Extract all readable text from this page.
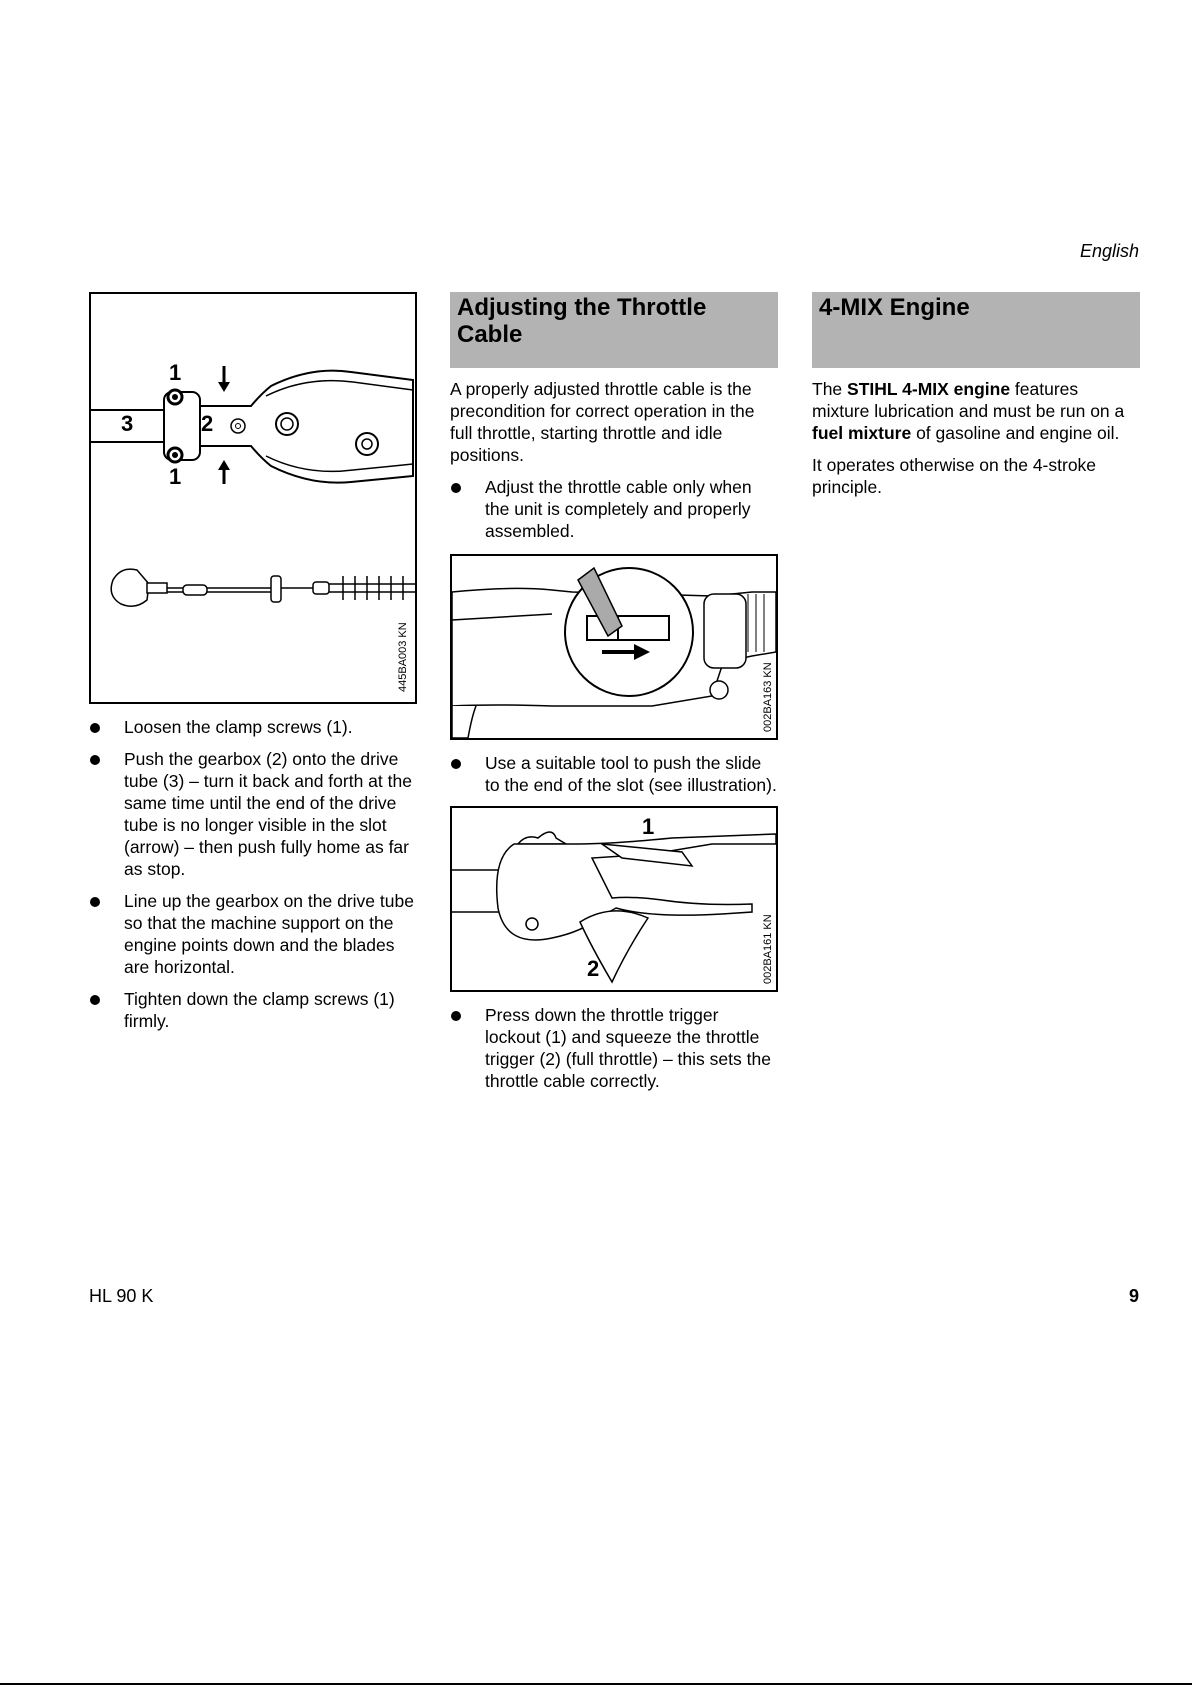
English
1
1
2
3
445BA003 KN
Loosen the clamp screws (1).
Push the gearbox (2) onto the drive tube (3) – turn it back and forth at the same time until the end of the drive tube is no longer visible in the slot (arrow) – then push fully home as far as stop.
Line up the gearbox on the drive tube so that the machine support on the engine points down and the blades are horizontal.
Tighten down the clamp screws (1) firmly.
Adjusting the Throttle Cable

A properly adjusted throttle cable is the precondition for correct operation in the full throttle, starting throttle and idle positions.

Adjust the throttle cable only when the unit is completely and properly assembled.
002BA163 KN
Use a suitable tool to push the slide to the end of the slot (see illustration).
1
2	002BA161 KN
Press down the throttle trigger lockout (1) and squeeze the throttle trigger (2) (full throttle) – this sets the throttle cable correctly.
4-MIX Engine

The STIHL 4-MIX engine features mixture lubrication and must be run on a fuel mixture of gasoline and engine oil.

It operates otherwise on the 4-stroke principle.

HL 90 K	9
